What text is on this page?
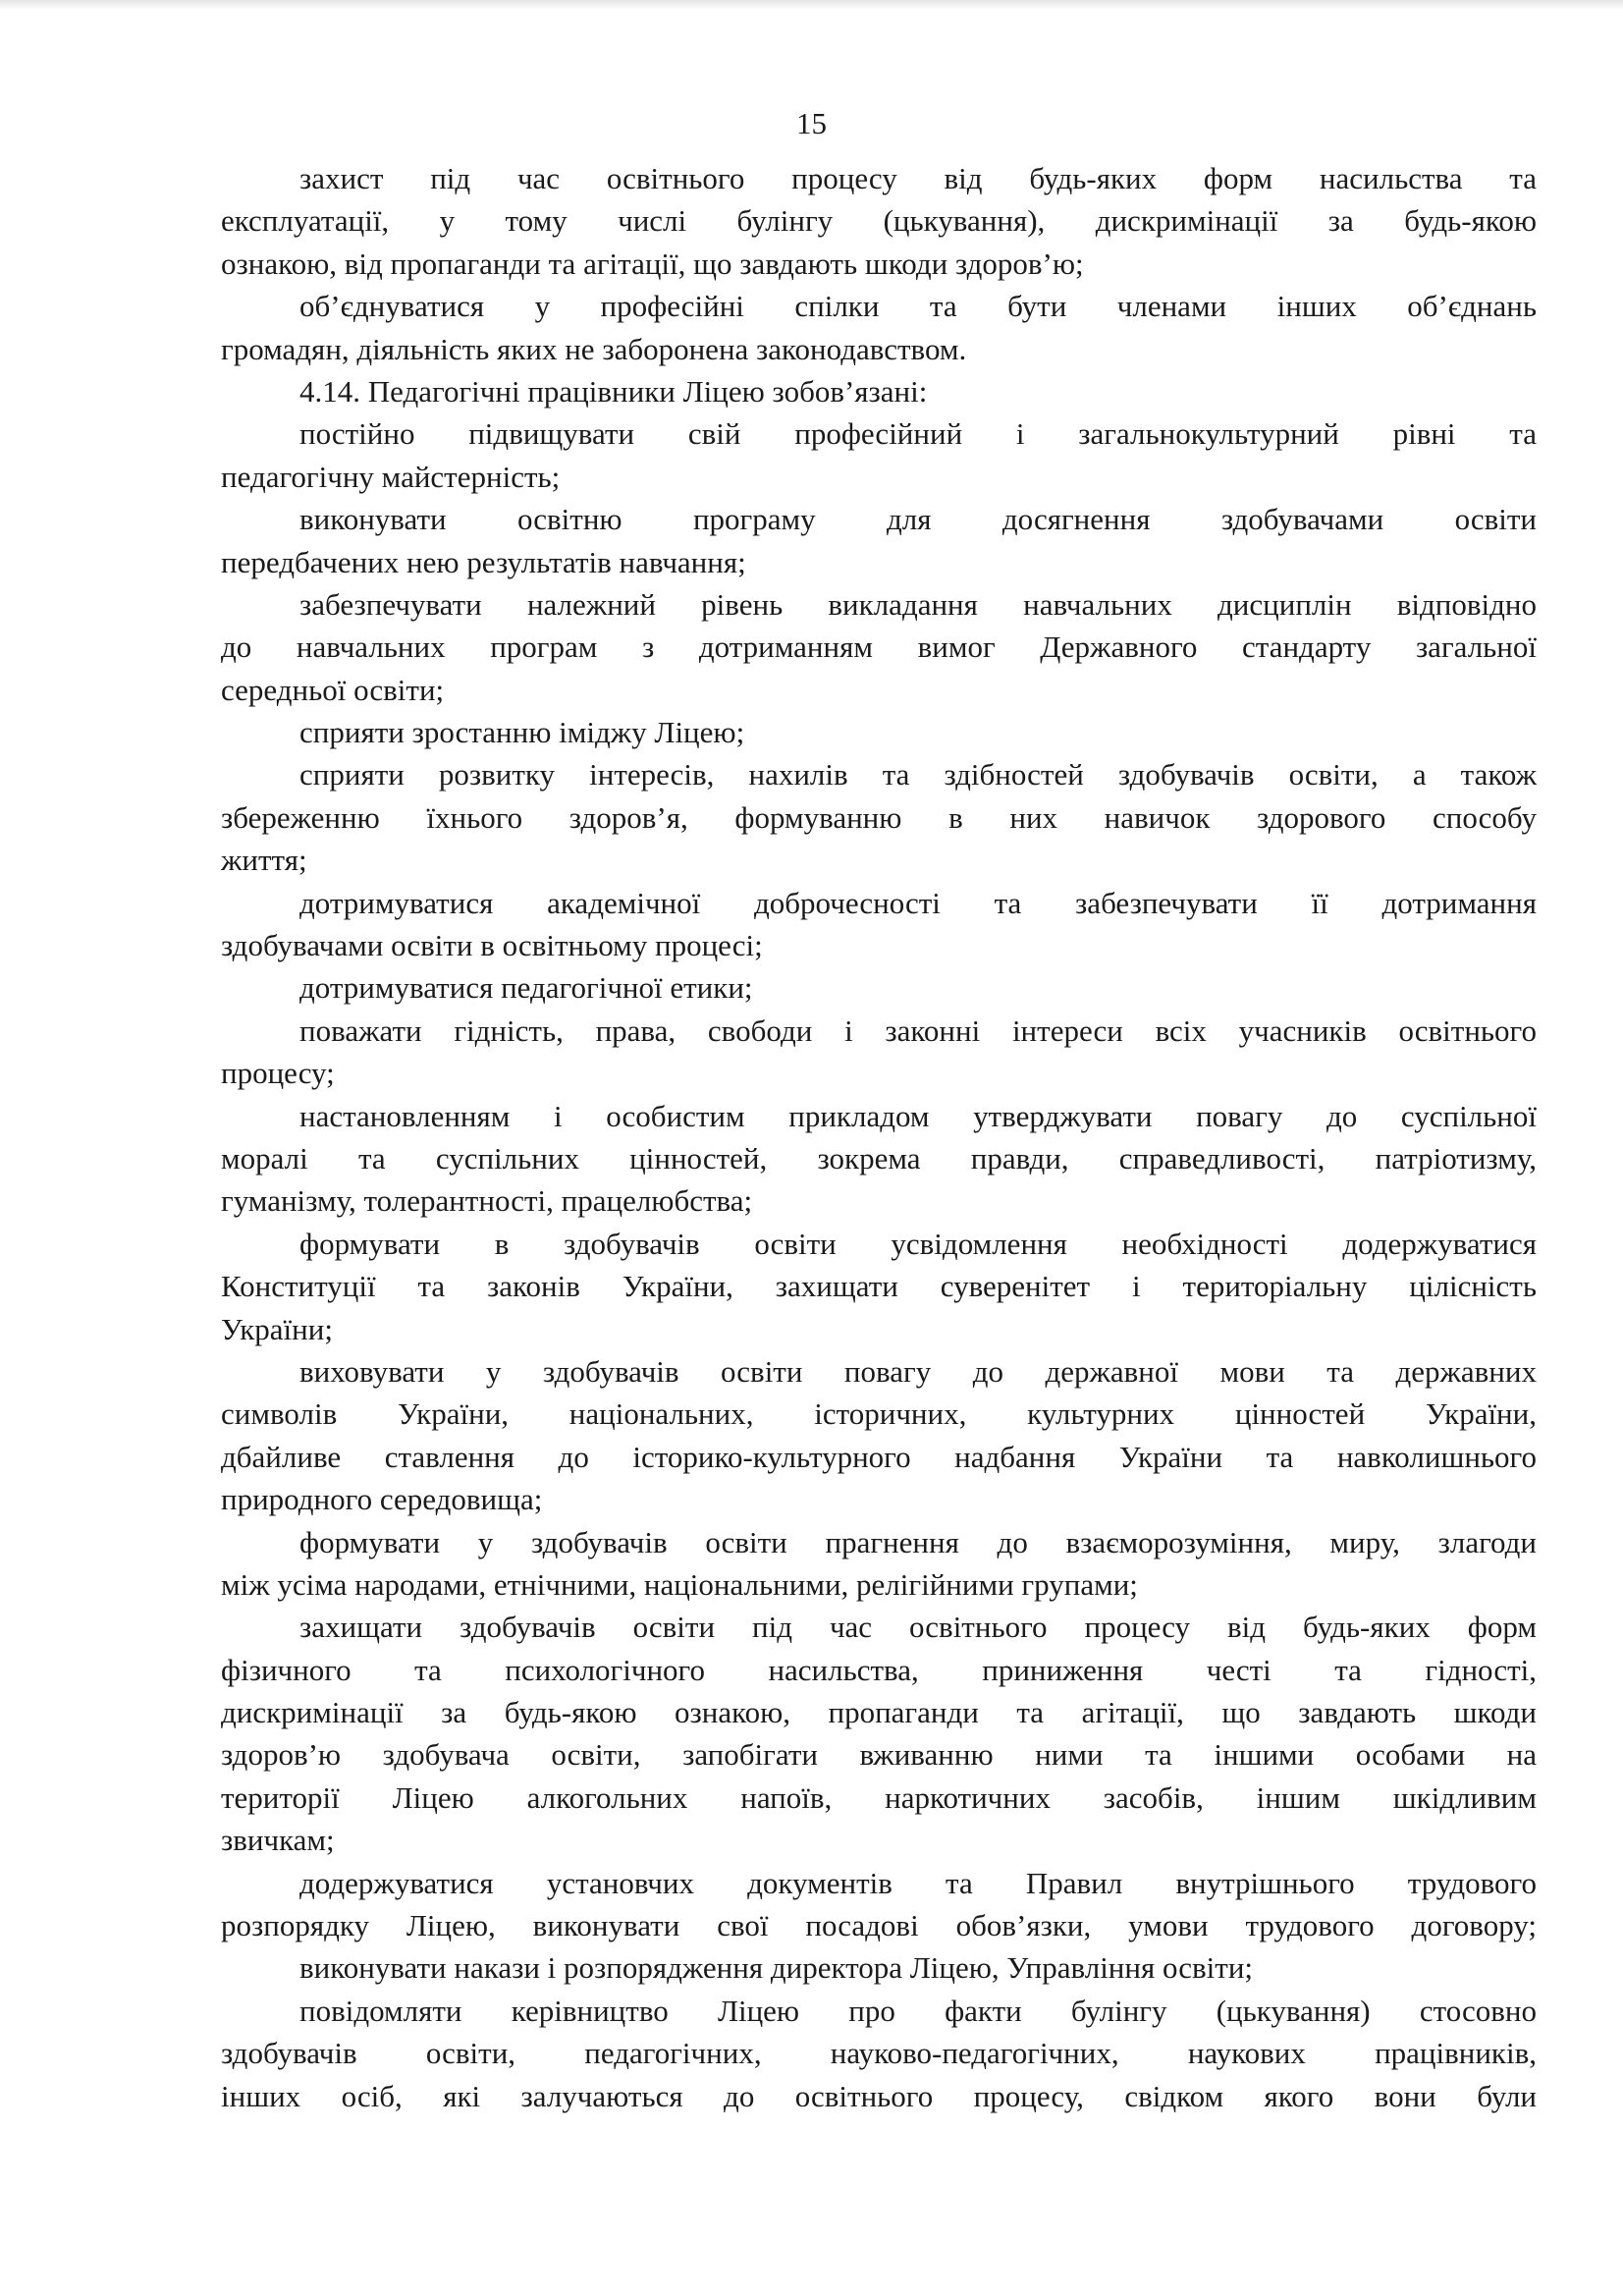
15
захист під час освітнього процесу від будь-яких форм насильства та
експлуатації, у тому числі булінгу (цькування), дискримінації за будь-якою
ознакою, від пропаганди та агітації, що завдають шкоди здоров’ю;
об’єднуватися у професійні спілки та бути членами інших об’єднань
громадян, діяльність яких не заборонена законодавством.
4.14. Педагогічні працівники Ліцею зобов’язані:
постійно підвищувати свій професійний і загальнокультурний рівні та
педагогічну майстерність;
виконувати освітню програму для досягнення здобувачами освіти
передбачених нею результатів навчання;
забезпечувати належний рівень викладання навчальних дисциплін відповідно
до навчальних програм з дотриманням вимог Державного стандарту загальної
середньої освіти;
сприяти зростанню іміджу Ліцею;
сприяти розвитку інтересів, нахилів та здібностей здобувачів освіти, а також
збереженню їхнього здоров’я, формуванню в них навичок здорового способу
життя;
дотримуватися академічної доброчесності та забезпечувати її дотримання
здобувачами освіти в освітньому процесі;
дотримуватися педагогічної етики;
поважати гідність, права, свободи і законні інтереси всіх учасників освітнього
процесу;
настановленням і особистим прикладом утверджувати повагу до суспільної
моралі та суспільних цінностей, зокрема правди, справедливості, патріотизму,
гуманізму, толерантності, працелюбства;
формувати в здобувачів освіти усвідомлення необхідності додержуватися
Конституції та законів України, захищати суверенітет і територіальну цілісність
України;
виховувати у здобувачів освіти повагу до державної мови та державних
символів України, національних, історичних, культурних цінностей України,
дбайливе ставлення до історико-культурного надбання України та навколишнього
природного середовища;
формувати у здобувачів освіти прагнення до взаєморозуміння, миру, злагоди
між усіма народами, етнічними, національними, релігійними групами;
захищати здобувачів освіти під час освітнього процесу від будь-яких форм
фізичного та психологічного насильства, приниження честі та гідності,
дискримінації за будь-якою ознакою, пропаганди та агітації, що завдають шкоди
здоров’ю здобувача освіти, запобігати вживанню ними та іншими особами на
території Ліцею алкогольних напоїв, наркотичних засобів, іншим шкідливим
звичкам;
додержуватися установчих документів та Правил внутрішнього трудового
розпорядку Ліцею, виконувати свої посадові обов’язки, умови трудового договору;
виконувати накази і розпорядження директора Ліцею, Управління освіти;
повідомляти керівництво Ліцею про факти булінгу (цькування) стосовно
здобувачів освіти, педагогічних, науково-педагогічних, наукових працівників,
інших осіб, які залучаються до освітнього процесу, свідком якого вони були
